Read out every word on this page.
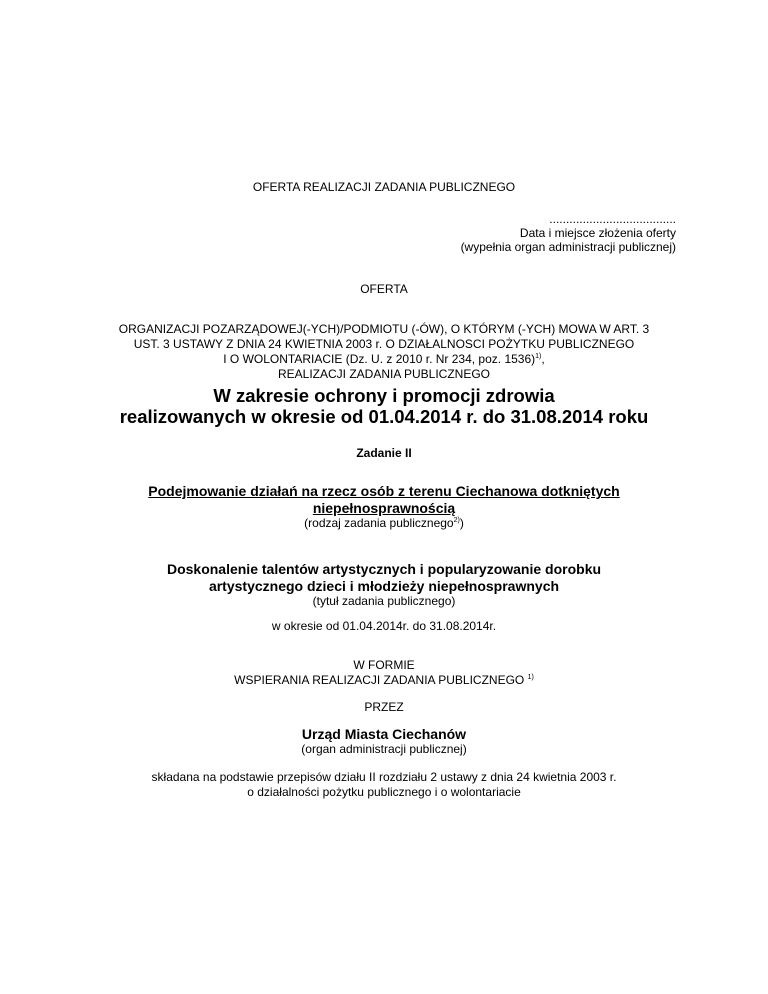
OFERTA REALIZACJI ZADANIA PUBLICZNEGO
......................................
Data i miejsce złożenia oferty
(wypełnia organ administracji publicznej)
OFERTA
ORGANIZACJI POZARZĄDOWEJ(-YCH)/PODMIOTU (-ÓW), O KTÓRYM (-YCH) MOWA W ART. 3
UST. 3 USTAWY Z DNIA 24 KWIETNIA 2003 r. O DZIAŁALNOSCI POŻYTKU PUBLICZNEGO
I O WOLONTARIACIE (Dz. U. z 2010 r. Nr 234, poz. 1536)$^{1)}$,
REALIZACJI ZADANIA PUBLICZNEGO
W zakresie ochrony i promocji zdrowia
realizowanych w okresie od 01.04.2014 r. do 31.08.2014 roku
Zadanie II
Podejmowanie działań na rzecz osób z terenu Ciechanowa dotkniętych
niepełnosprawnością
(rodzaj zadania publicznego$^{2)}$)
Doskonalenie talentów artystycznych i popularyzowanie dorobku
artystycznego dzieci i młodzieży niepełnosprawnych
(tytuł zadania publicznego)
w okresie od 01.04.2014r. do 31.08.2014r.
W FORMIE
WSPIERANIA REALIZACJI ZADANIA PUBLICZNEGO $^{1)}$
PRZEZ
Urząd Miasta Ciechanów
(organ administracji publicznej)
składana na podstawie przepisów działu II rozdziału 2 ustawy z dnia 24 kwietnia 2003 r.
o działalności pożytku publicznego i o wolontariacie
